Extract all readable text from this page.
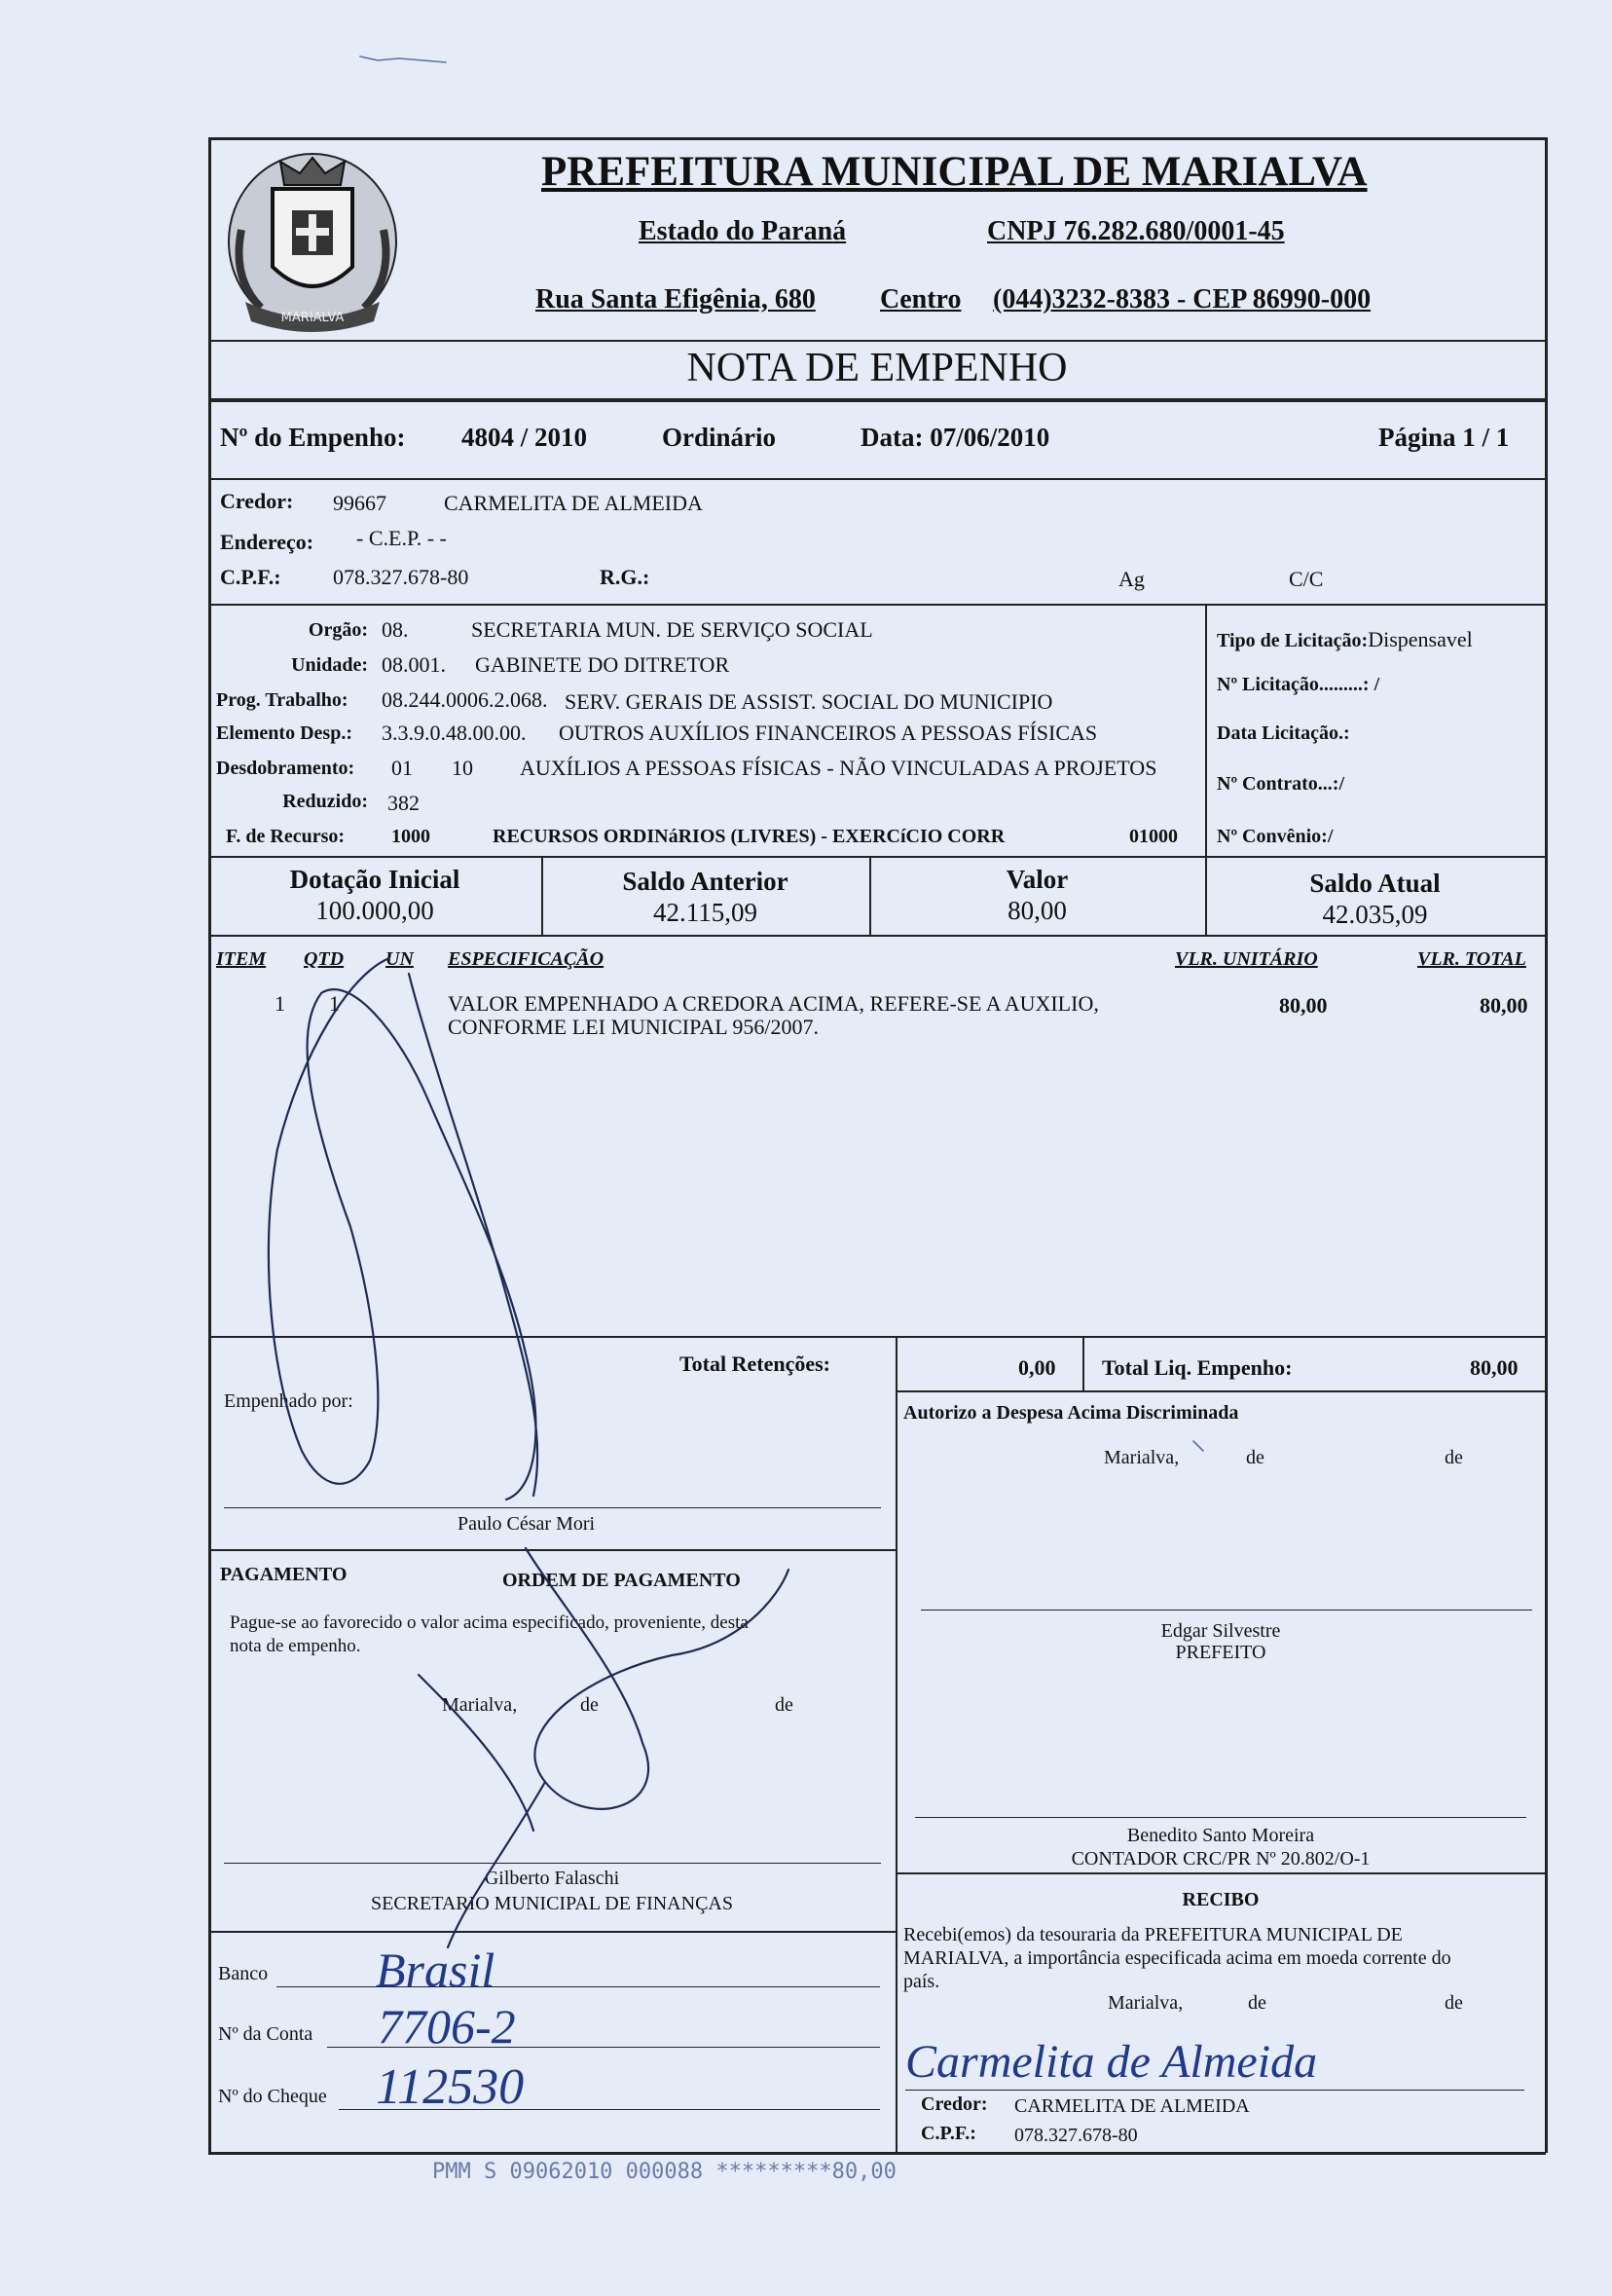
MARIALVA
PREFEITURA MUNICIPAL DE MARIALVA
Estado do Paraná	CNPJ 76.282.680/0001-45
Rua Santa Efigênia, 680 Centro (044)3232-8383 - CEP 86990-000
NOTA DE EMPENHO
Nº do Empenho: 4804 / 2010	Ordinário	Data: 07/06/2010	Página 1 / 1
Credor: 99667	CARMELITA DE ALMEIDA
Endereço: - C.E.P. - -
C.P.F.: 078.327.678-80	R.G.:	Ag	C/C
Orgão: 08.	SECRETARIA MUN. DE SERVIÇO SOCIAL
Unidade: 08.001. GABINETE DO DITRETOR
Prog. Trabalho: 08.244.0006.2.068. SERV. GERAIS DE ASSIST. SOCIAL DO MUNICIPIO
Elemento Desp.: 3.3.9.0.48.00.00. OUTROS AUXÍLIOS FINANCEIROS A PESSOAS FÍSICAS
Desdobramento: 01 10 AUXÍLIOS A PESSOAS FÍSICAS - NÃO VINCULADAS A PROJETOS
Reduzido: 382
F. de Recurso: 1000	RECURSOS ORDINáRIOS (LIVRES) - EXERCíCIO CORR	01000
Tipo de Licitação:Dispensavel
Nº Licitação.........: /
Data Licitação.:
Nº Contrato...:/
Nº Convênio:/
Dotação Inicial
100.000,00
Saldo Anterior
42.115,09
Valor
80,00
Saldo Atual
42.035,09
ITEM QTD UN ESPECIFICAÇÃO	VLR. UNITÁRIO	VLR. TOTAL
1 1	VALOR EMPENHADO A CREDORA ACIMA, REFERE-SE A AUXILIO,
CONFORME LEI MUNICIPAL 956/2007.
80,00	80,00
Total Retenções:	0,00 Total Liq. Empenho:	80,00
Empenhado por:
Paulo César Mori
Autorizo a Despesa Acima Discriminada
Marialva,	de	de
Edgar Silvestre
PREFEITO
PAGAMENTO	ORDEM DE PAGAMENTO
Pague-se ao favorecido o valor acima especificado, proveniente, desta
nota de empenho.
Marialva,	de	de
Gilberto Falaschi
SECRETARIO MUNICIPAL DE FINANÇAS
Benedito Santo Moreira
CONTADOR CRC/PR Nº 20.802/O-1
Banco Brasil
Nº da Conta 7706-2
Nº do Cheque 112530
RECIBO
Recebi(emos) da tesouraria da PREFEITURA MUNICIPAL DE
MARIALVA, a importância especificada acima em moeda corrente do
país.
Marialva,	de	de
Carmelita de Almeida
Credor: CARMELITA DE ALMEIDA
C.P.F.: 078.327.678-80
PMM S 09062010 000088 *********80,00
